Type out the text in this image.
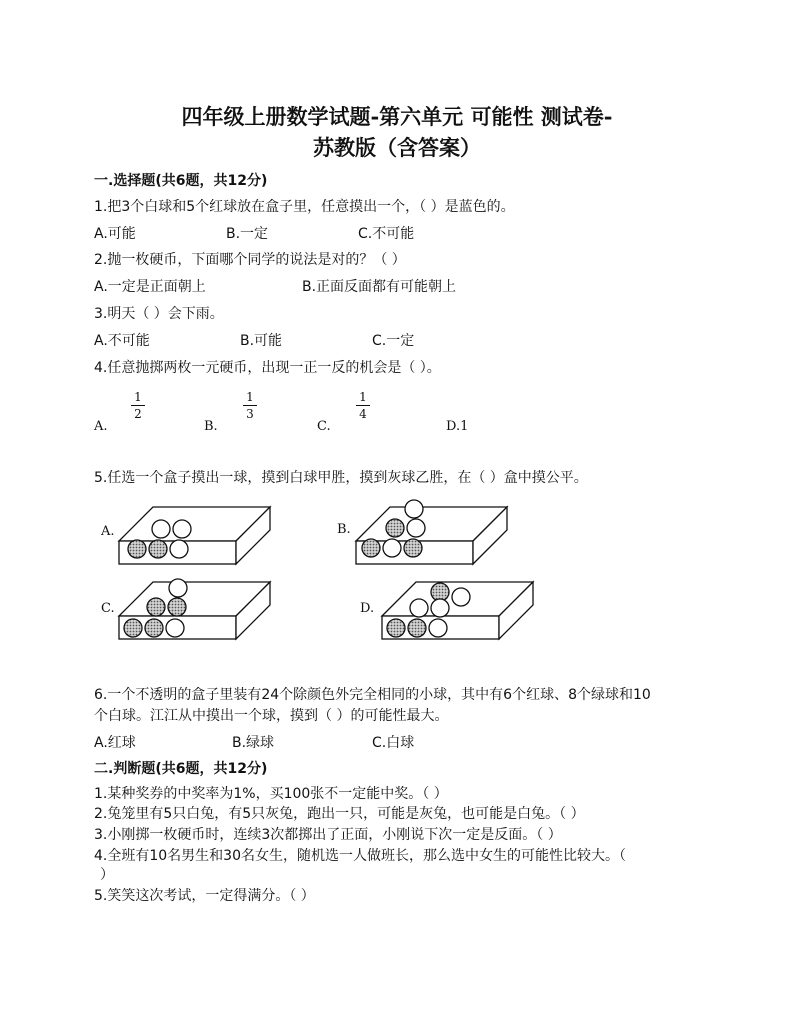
四年级上册数学试题-第六单元 可能性 测试卷-
苏教版（含答案）
一.选择题(共6题，共12分)
1.把3个白球和5个红球放在盒子里，任意摸出一个，（ ）是蓝色的。
A.可能	B.一定	C.不可能
2.抛一枚硬币，下面哪个同学的说法是对的？（ ）
A.一定是正面朝上	B.正面反面都有可能朝上
3.明天（ ）会下雨。
A.不可能	B.可能	C.一定
4.任意抛掷两枚一元硬币，出现一正一反的机会是（ ）。
1
2
1
3
1
4
A.	B.	C.	D.1
5.任选一个盒子摸出一球，摸到白球甲胜，摸到灰球乙胜，在（ ）盒中摸公平。
A.	B.
C.	D.
6.一个不透明的盒子里装有24个除颜色外完全相同的小球，其中有6个红球、8个绿球和10
个白球。江江从中摸出一个球，摸到（ ）的可能性最大。
A.红球	B.绿球	C.白球
二.判断题(共6题，共12分)
1.某种奖券的中奖率为1%，买100张不一定能中奖。（ ）
2.兔笼里有5只白兔，有5只灰兔，跑出一只，可能是灰兔，也可能是白兔。（ ）
3.小刚掷一枚硬币时，连续3次都掷出了正面，小刚说下次一定是反面。（ ）
4.全班有10名男生和30名女生，随机选一人做班长，那么选中女生的可能性比较大。（
）
5.笑笑这次考试，一定得满分。（ ）
